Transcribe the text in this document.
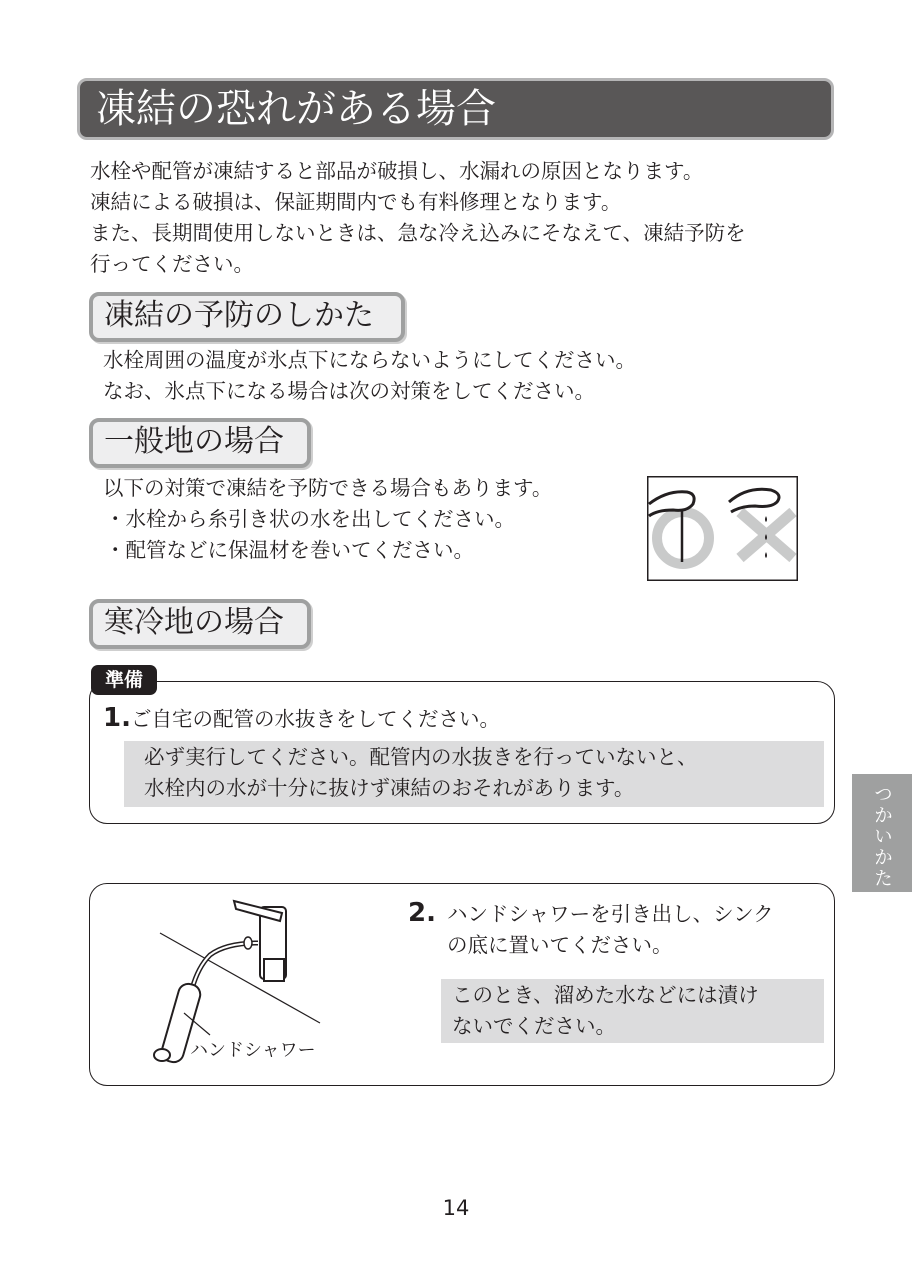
凍結の恐れがある場合
水栓や配管が凍結すると部品が破損し、水漏れの原因となります。
凍結による破損は、保証期間内でも有料修理となります。
また、長期間使用しないときは、急な冷え込みにそなえて、凍結予防を
行ってください。
凍結の予防のしかた
水栓周囲の温度が氷点下にならないようにしてください。
なお、氷点下になる場合は次の対策をしてください。
一般地の場合
以下の対策で凍結を予防できる場合もあります。
・水栓から糸引き状の水を出してください。
・配管などに保温材を巻いてください。
寒冷地の場合
準備
1. ご自宅の配管の水抜きをしてください。
必ず実行してください。配管内の水抜きを行っていないと、
水栓内の水が十分に抜けず凍結のおそれがあります。
ハンドシャワー
2. ハンドシャワーを引き出し、シンク
の底に置いてください。
このとき、溜めた水などには漬け
ないでください。
つかいかた
14
